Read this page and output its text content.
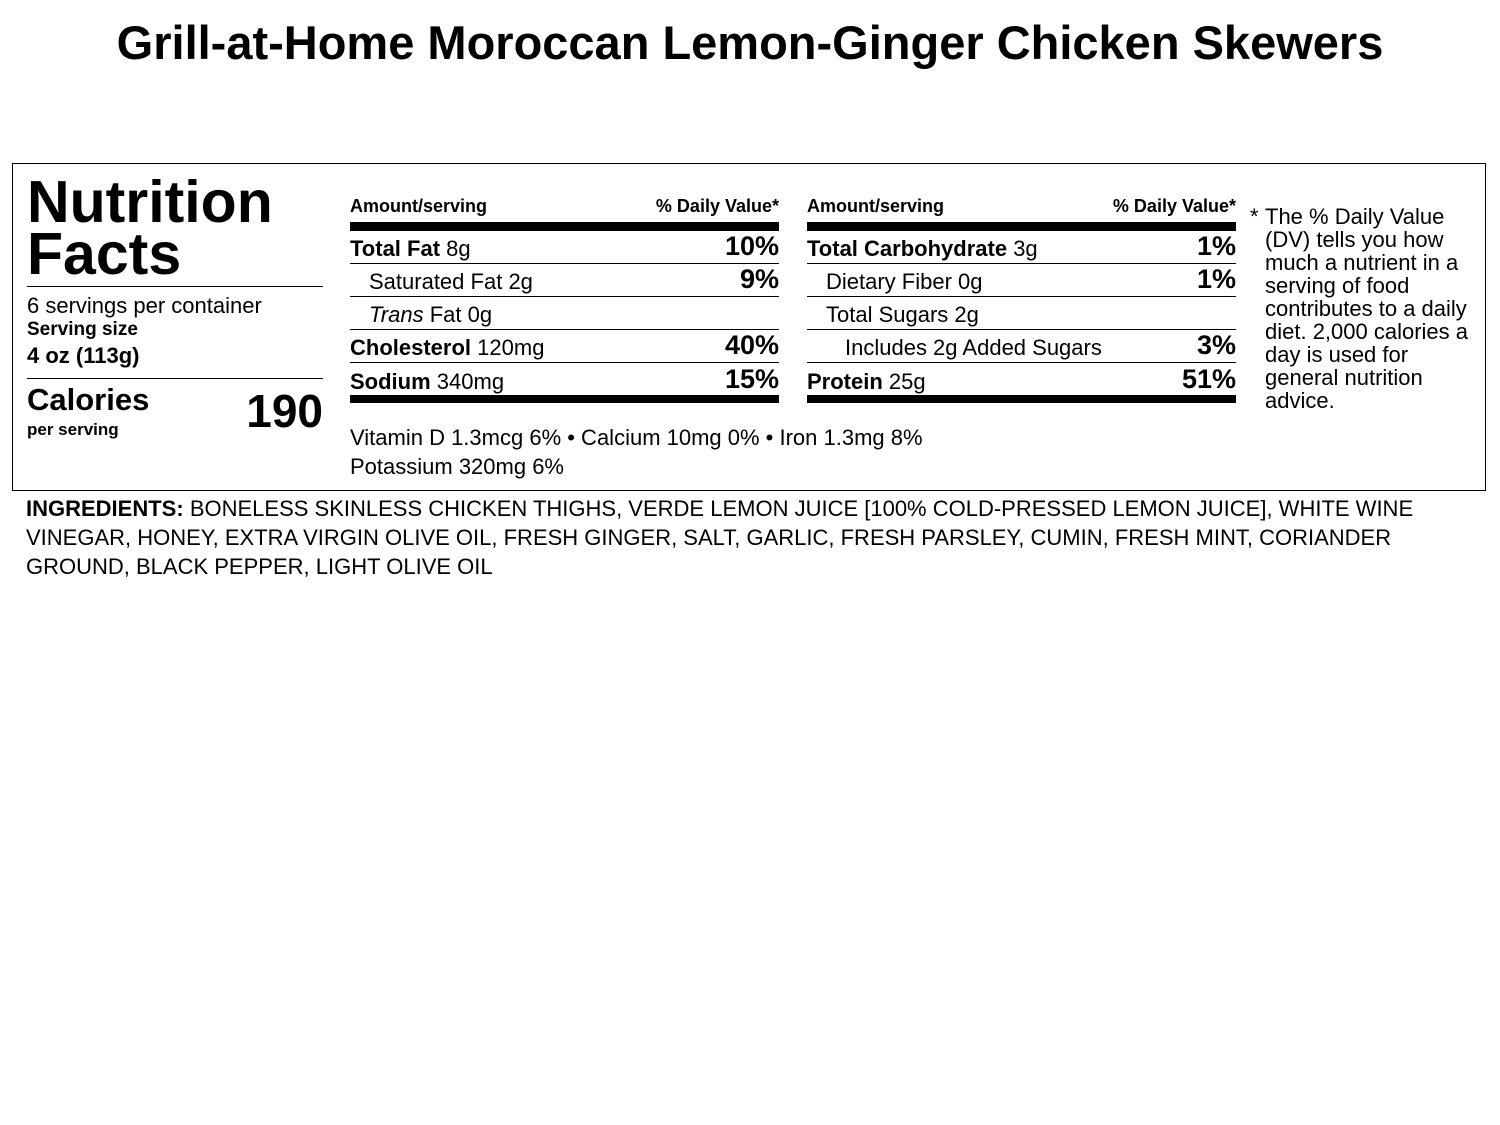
Grill-at-Home Moroccan Lemon-Ginger Chicken Skewers
Nutrition Facts
6 servings per container
Serving size
4 oz (113g)
Calories
per serving	190
Amount/serving	% Daily Value*
Total Fat 8g	10%
Saturated Fat 2g	9%
Trans Fat 0g
Cholesterol 120mg	40%
Sodium 340mg	15%
Amount/serving	% Daily Value*
Total Carbohydrate 3g	1%
Dietary Fiber 0g	1%
Total Sugars 2g
Includes 2g Added Sugars	3%
Protein 25g	51%
Vitamin D 1.3mcg 6% • Calcium 10mg 0% • Iron 1.3mg 8%
Potassium 320mg 6%
* The % Daily Value (DV) tells you how much a nutrient in a serving of food contributes to a daily diet. 2,000 calories a day is used for general nutrition advice.
INGREDIENTS: BONELESS SKINLESS CHICKEN THIGHS, VERDE LEMON JUICE [100% COLD-PRESSED LEMON JUICE], WHITE WINE VINEGAR, HONEY, EXTRA VIRGIN OLIVE OIL, FRESH GINGER, SALT, GARLIC, FRESH PARSLEY, CUMIN, FRESH MINT, CORIANDER GROUND, BLACK PEPPER, LIGHT OLIVE OIL
